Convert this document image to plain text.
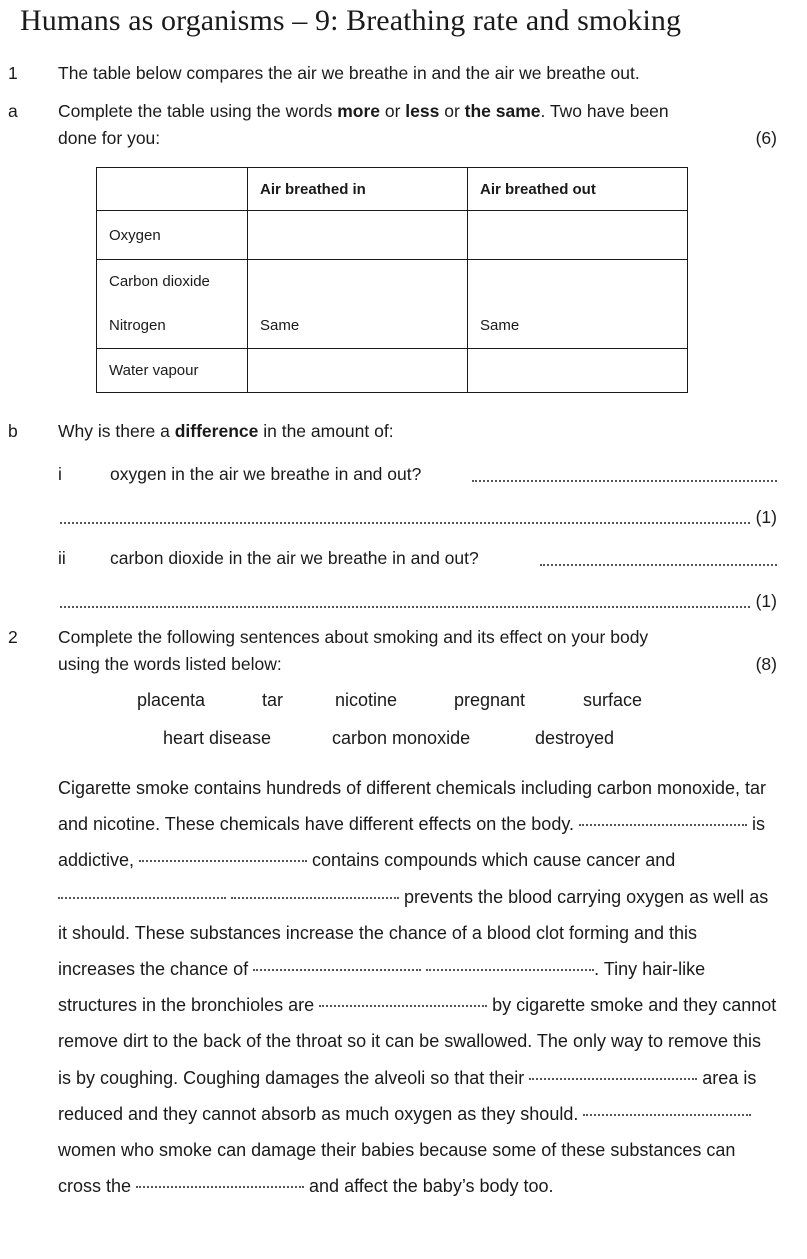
Humans as organisms – 9: Breathing rate and smoking
1 The table below compares the air we breathe in and the air we breathe out.
a Complete the table using the words more or less or the same. Two have been
done for you:	(6)
	Air breathed in	Air breathed out
Oxygen		

Carbon dioxide
Nitrogen	Same	Same

Water vapour		
b Why is there a difference in the amount of:
i	oxygen in the air we breathe in and out?
(1)
ii	carbon dioxide in the air we breathe in and out?
(1)
2 Complete the following sentences about smoking and its effect on your body
using the words listed below:	(8)
placenta	tar	nicotine	pregnant	surface
heart disease	carbon monoxide	destroyed
Cigarette smoke contains hundreds of different chemicals including carbon monoxide, tar and nicotine. These chemicals have different effects on the body.	is addictive,	contains compounds which cause cancer and   prevents the blood carrying oxygen as well as it should. These substances increase the chance of a blood clot forming and this increases the chance of	. Tiny hair-like structures in the bronchioles are	by cigarette smoke and they cannot remove dirt to the back of the throat so it can be swallowed. The only way to remove this is by coughing. Coughing damages the alveoli so that their	area is reduced and they cannot absorb as much oxygen as they should.  women who smoke can damage their babies because some of these substances can cross the	and affect the baby’s body too.
